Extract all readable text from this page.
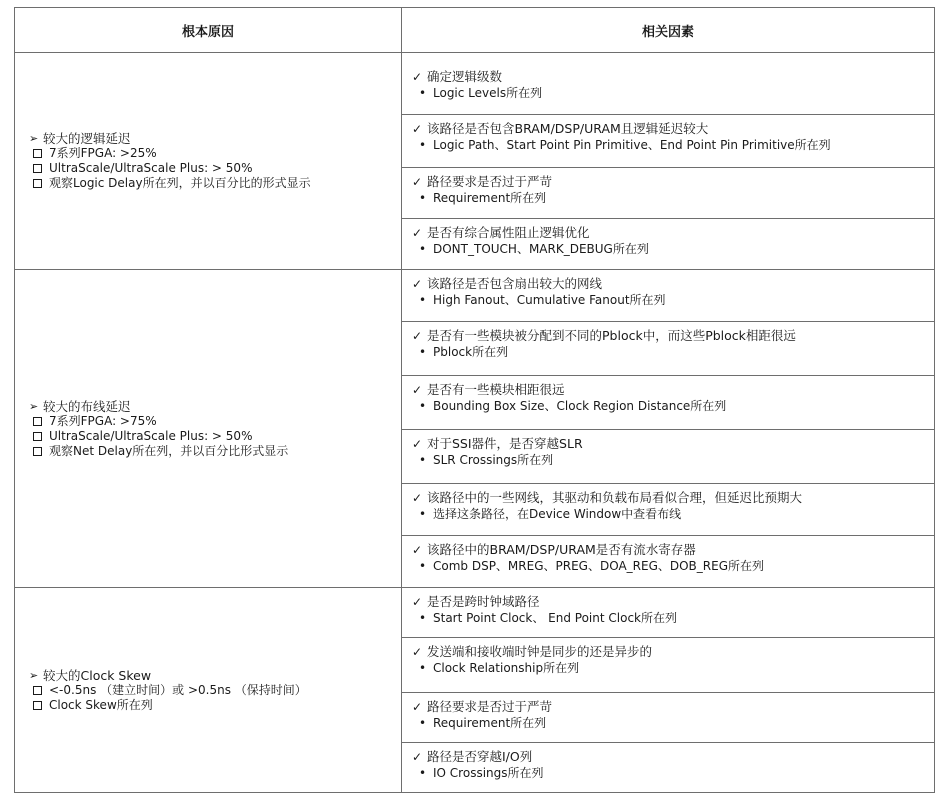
根本原因	相关因素
➢ 较大的逻辑延迟
7系列FPGA: >25%
UltraScale/UltraScale Plus: > 50%
观察Logic Delay所在列，并以百分比的形式显示
✓ 确定逻辑级数
• Logic Levels所在列
✓ 该路径是否包含BRAM/DSP/URAM且逻辑延迟较大
• Logic Path、Start Point Pin Primitive、End Point Pin Primitive所在列
✓ 路径要求是否过于严苛
• Requirement所在列
✓ 是否有综合属性阻止逻辑优化
• DONT_TOUCH、MARK_DEBUG所在列
➢ 较大的布线延迟
7系列FPGA: >75%
UltraScale/UltraScale Plus: > 50%
观察Net Delay所在列，并以百分比形式显示
✓ 该路径是否包含扇出较大的网线
• High Fanout、Cumulative Fanout所在列
✓ 是否有一些模块被分配到不同的Pblock中，而这些Pblock相距很远
• Pblock所在列
✓ 是否有一些模块相距很远
• Bounding Box Size、Clock Region Distance所在列
✓ 对于SSI器件，是否穿越SLR
• SLR Crossings所在列
✓ 该路径中的一些网线，其驱动和负载布局看似合理，但延迟比预期大
• 选择这条路径，在Device Window中查看布线
✓ 该路径中的BRAM/DSP/URAM是否有流水寄存器
• Comb DSP、MREG、PREG、DOA_REG、DOB_REG所在列
➢ 较大的Clock Skew
<-0.5ns （建立时间）或 >0.5ns （保持时间）
Clock Skew所在列
✓ 是否是跨时钟域路径
• Start Point Clock、 End Point Clock所在列
✓ 发送端和接收端时钟是同步的还是异步的
• Clock Relationship所在列
✓ 路径要求是否过于严苛
• Requirement所在列
✓ 路径是否穿越I/O列
• IO Crossings所在列
